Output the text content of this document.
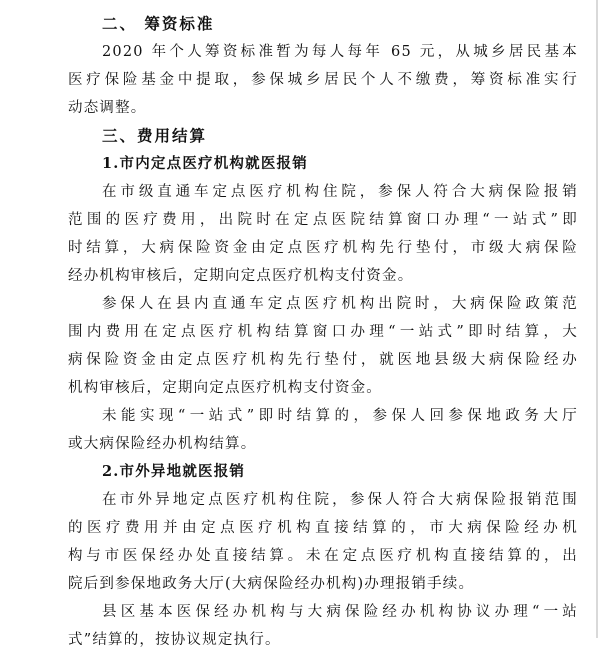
二、 筹资标准
2020 年个人筹资标准暂为每人每年 65 元，从城乡居民基本
医疗保险基金中提取，参保城乡居民个人不缴费，筹资标准实行
动态调整。
三、费用结算
1.市内定点医疗机构就医报销
在市级直通车定点医疗机构住院，参保人符合大病保险报销
范围的医疗费用，出院时在定点医院结算窗口办理“一站式”即
时结算，大病保险资金由定点医疗机构先行垫付，市级大病保险
经办机构审核后，定期向定点医疗机构支付资金。
参保人在县内直通车定点医疗机构出院时，大病保险政策范
围内费用在定点医疗机构结算窗口办理“一站式”即时结算，大
病保险资金由定点医疗机构先行垫付，就医地县级大病保险经办
机构审核后，定期向定点医疗机构支付资金。
未能实现“一站式”即时结算的，参保人回参保地政务大厅
或大病保险经办机构结算。
2.市外异地就医报销
在市外异地定点医疗机构住院，参保人符合大病保险报销范围
的医疗费用并由定点医疗机构直接结算的，市大病保险经办机
构与市医保经办处直接结算。未在定点医疗机构直接结算的，出
院后到参保地政务大厅(大病保险经办机构)办理报销手续。
县区基本医保经办机构与大病保险经办机构协议办理“一站
式”结算的，按协议规定执行。
